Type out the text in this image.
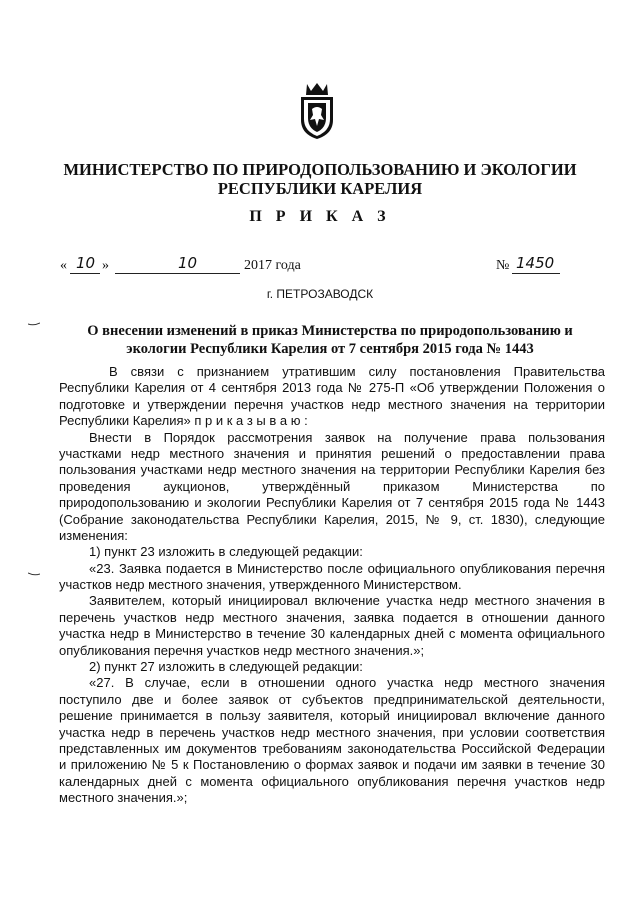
МИНИСТЕРСТВО ПО ПРИРОДОПОЛЬЗОВАНИЮ И ЭКОЛОГИИ
РЕСПУБЛИКИ КАРЕЛИЯ
П Р И К А З
« 10 »	10	2017 года	№ 1450
г. ПЕТРОЗАВОДСК
О внесении изменений в приказ Министерства по природопользованию и
экологии Республики Карелия от 7 сентября 2015 года № 1443
В связи с признанием утратившим силу постановления Правительства
Республики Карелия от 4 сентября 2013 года № 275-П «Об утверждении Положения о
подготовке и утверждении перечня участков недр местного значения на территории
Республики Карелия» п р и к а з ы в а ю :
Внести в Порядок рассмотрения заявок на получение права пользования
участками недр местного значения и принятия решений о предоставлении права
пользования участками недр местного значения на территории Республики Карелия без
проведения аукционов, утверждённый приказом Министерства по
природопользованию и экологии Республики Карелия от 7 сентября 2015 года № 1443
(Собрание законодательства Республики Карелия, 2015, № 9, ст. 1830), следующие
изменения:
1) пункт 23 изложить в следующей редакции:
«23. Заявка подается в Министерство после официального опубликования перечня
участков недр местного значения, утвержденного Министерством.
Заявителем, который инициировал включение участка недр местного значения в
перечень участков недр местного значения, заявка подается в отношении данного
участка недр в Министерство в течение 30 календарных дней с момента официального
опубликования перечня участков недр местного значения.»;
2) пункт 27 изложить в следующей редакции:
«27. В случае, если в отношении одного участка недр местного значения
поступило две и более заявок от субъектов предпринимательской деятельности,
решение принимается в пользу заявителя, который инициировал включение данного
участка недр в перечень участков недр местного значения, при условии соответствия
представленных им документов требованиям законодательства Российской Федерации
и приложению № 5 к Постановлению о формах заявок и подачи им заявки в течение 30
календарных дней с момента официального опубликования перечня участков недр
местного значения.»;
